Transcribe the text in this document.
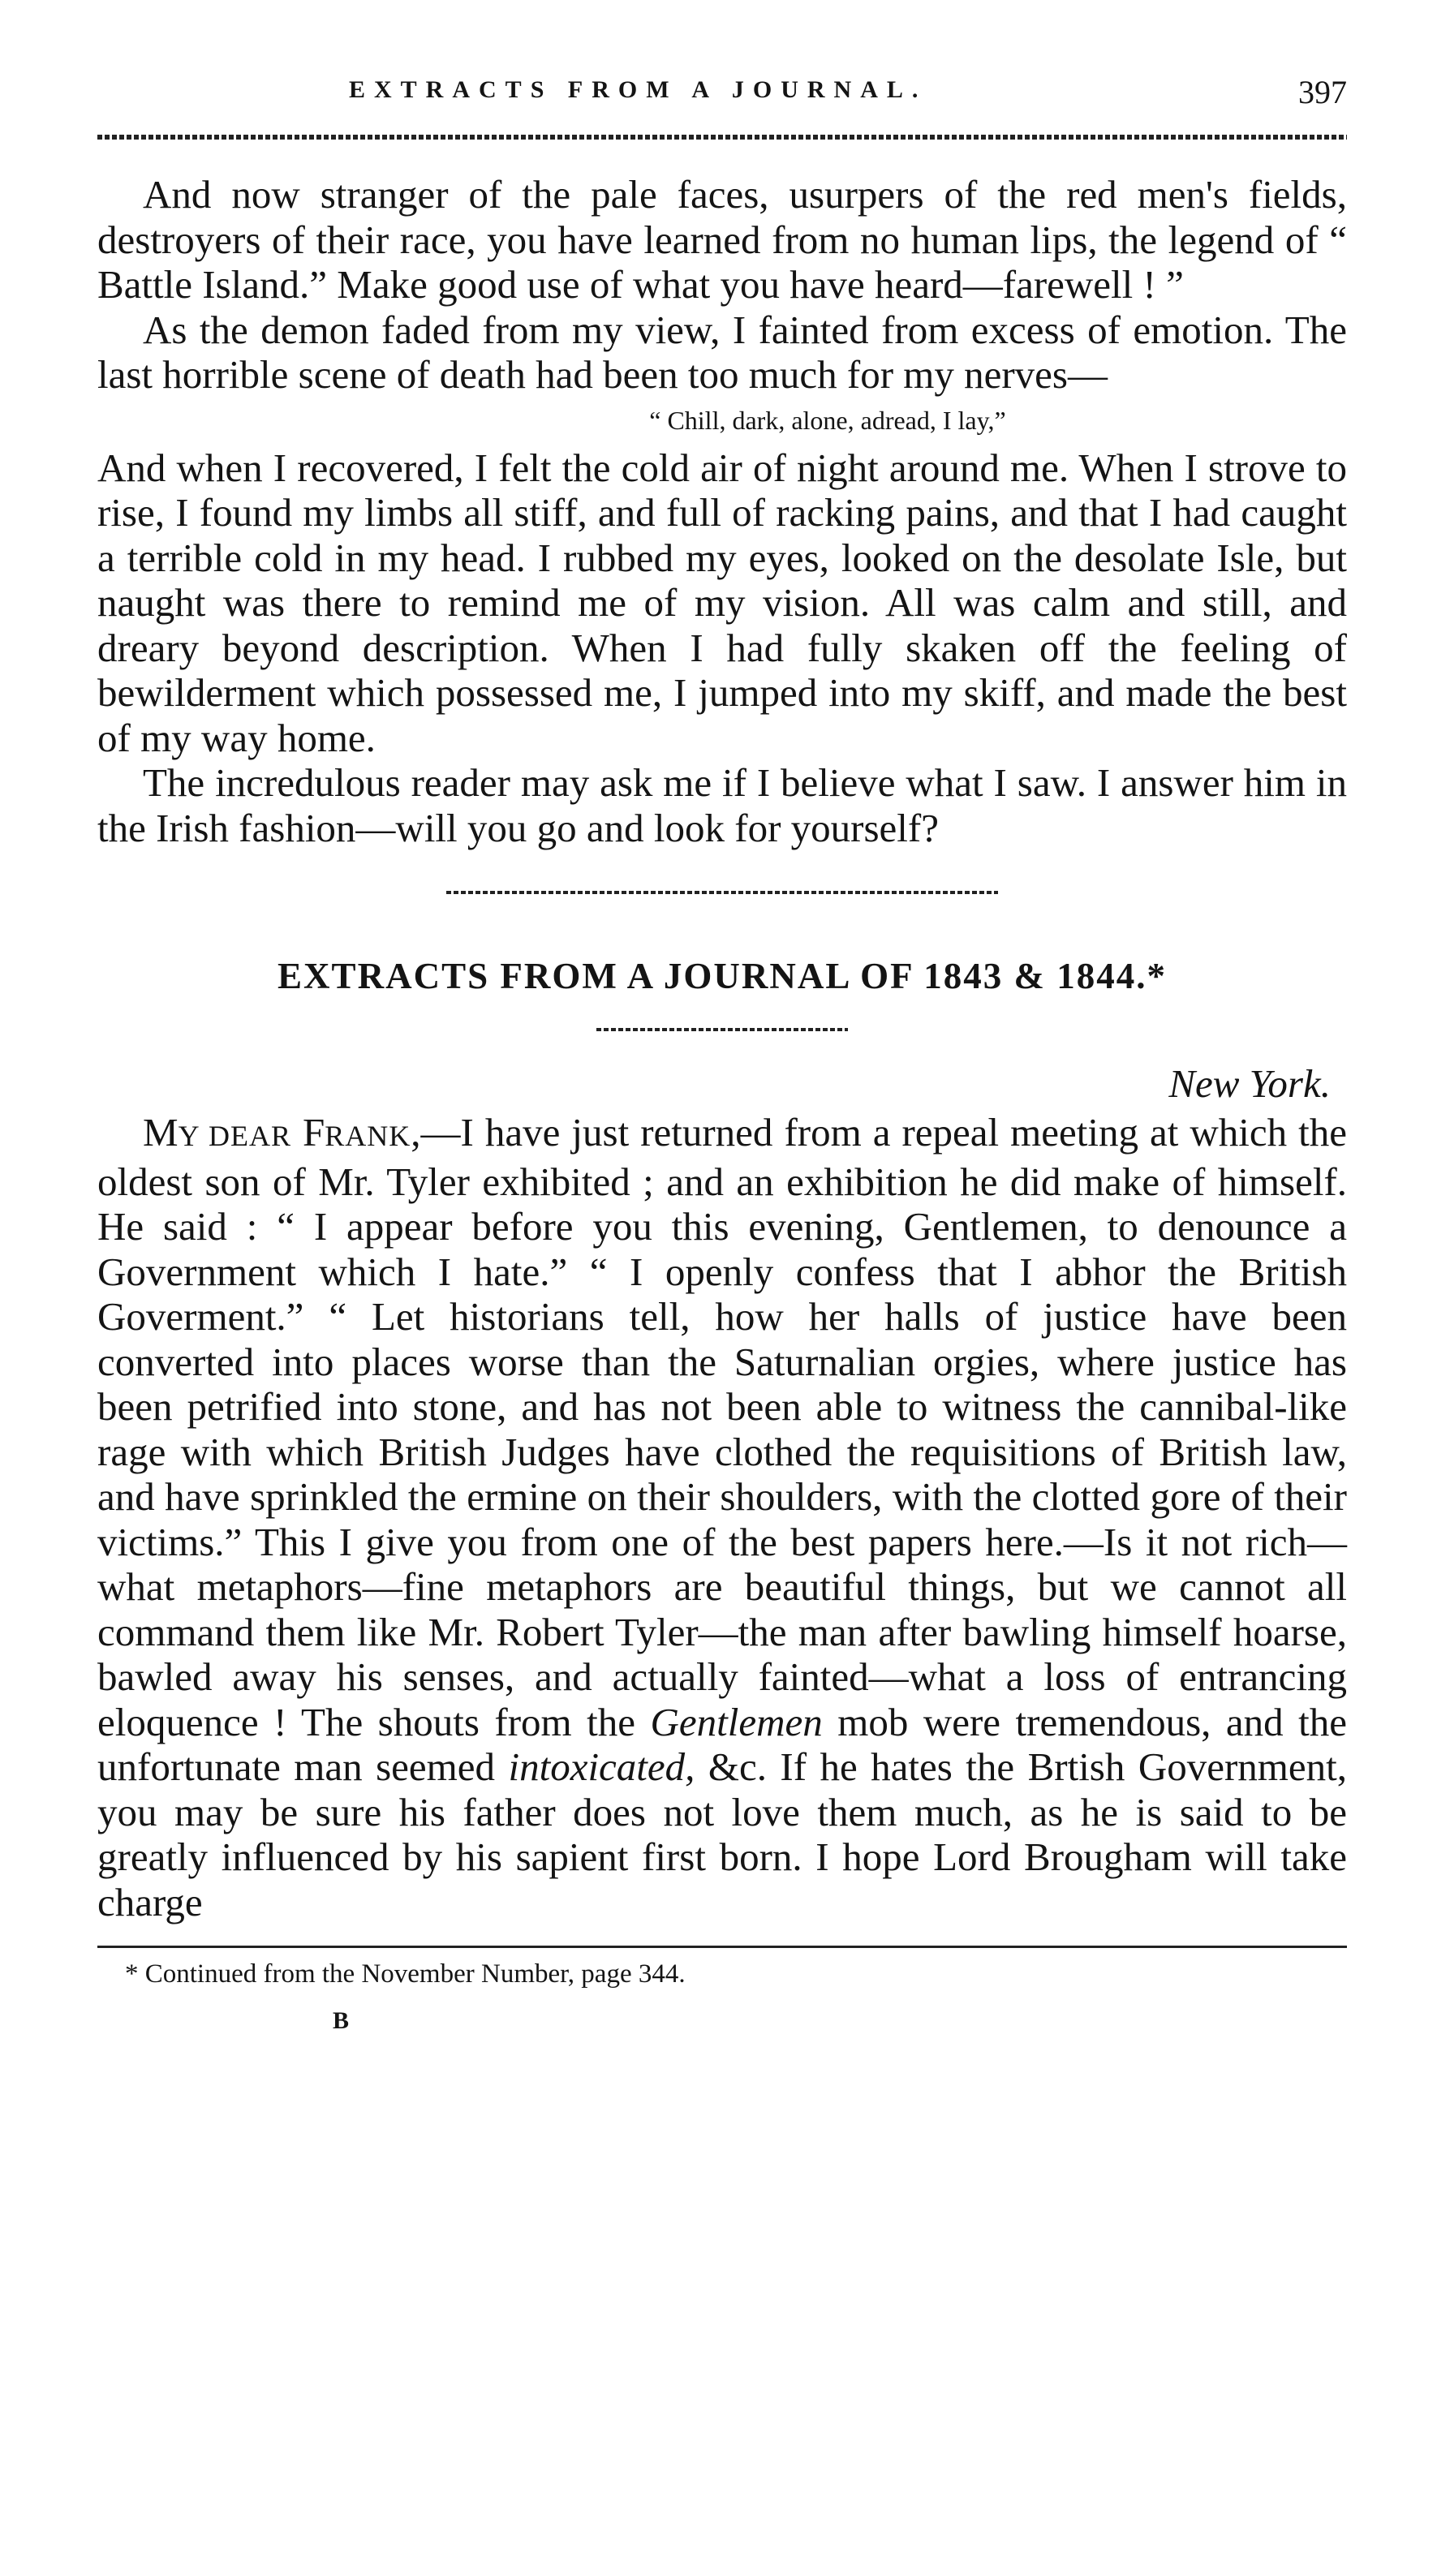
EXTRACTS FROM A JOURNAL.	397

And now stranger of the pale faces, usurpers of the red men's fields, destroyers of their race, you have learned from no human lips, the legend of “ Battle Island.” Make good use of what you have heard—farewell ! ”

As the demon faded from my view, I fainted from excess of emotion. The last horrible scene of death had been too much for my nerves—

“ Chill, dark, alone, adread, I lay,”

And when I recovered, I felt the cold air of night around me. When I strove to rise, I found my limbs all stiff, and full of racking pains, and that I had caught a terrible cold in my head. I rubbed my eyes, looked on the desolate Isle, but naught was there to remind me of my vision. All was calm and still, and dreary beyond description. When I had fully skaken off the feeling of bewilderment which possessed me, I jumped into my skiff, and made the best of my way home.

The incredulous reader may ask me if I believe what I saw. I answer him in the Irish fashion—will you go and look for yourself?

EXTRACTS FROM A JOURNAL OF 1843 & 1844.*

New York.

MY DEAR FRANK,—I have just returned from a repeal meeting at which the oldest son of Mr. Tyler exhibited ; and an exhibition he did make of himself. He said : “ I appear before you this evening, Gentlemen, to denounce a Government which I hate.” “ I openly confess that I abhor the British Goverment.” “ Let historians tell, how her halls of justice have been converted into places worse than the Saturnalian orgies, where justice has been petrified into stone, and has not been able to witness the cannibal-like rage with which British Judges have clothed the requisitions of British law, and have sprinkled the ermine on their shoulders, with the clotted gore of their victims.” This I give you from one of the best papers here.—Is it not rich—what metaphors—fine metaphors are beautiful things, but we cannot all command them like Mr. Robert Tyler—the man after bawling himself hoarse, bawled away his senses, and actually fainted—what a loss of entrancing eloquence ! The shouts from the Gentlemen mob were tremendous, and the unfortunate man seemed intoxicated, &c. If he hates the Brtish Government, you may be sure his father does not love them much, as he is said to be greatly influenced by his sapient first born. I hope Lord Brougham will take charge

* Continued from the November Number, page 344.

B
